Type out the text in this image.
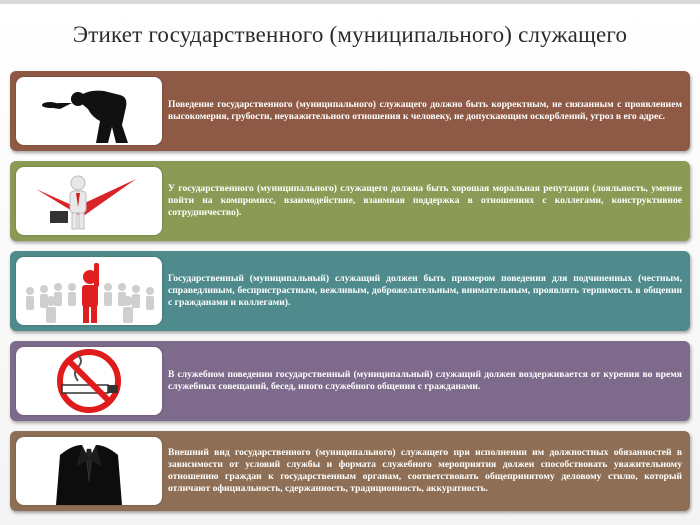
Этикет государственного (муниципального) служащего
Поведение государственного (муниципального) служащего должно быть корректным, не связанным с проявлением высокомерия, грубости, неуважительного отношения к человеку, не допускающим оскорблений, угроз в его адрес.
У государственного (муниципального) служащего должна быть хорошая моральная репутация (лояльность, умение пойти на компромисс, взаимодействие, взаимная поддержка в отношениях с коллегами, конструктивное сотрудничество).
Государственный (муниципальный) служащий должен быть примером поведения для подчиненных (честным, справедливым, беспристрастным, вежливым, доброжелательным, внимательным, проявлять терпимость в общении с гражданами и коллегами).
В служебном поведении государственный (муниципальный) служащий должен воздерживается от курения во время служебных совещаний, бесед, иного служебного общения с гражданами.
Внешний вид государственного (муниципального) служащего при исполнении им должностных обязанностей в зависимости от условий службы и формата служебного мероприятия должен способствовать уважительному отношению граждан к государственным органам, соответствовать общепринятому деловому стилю, который отличают официальность, сдержанность, традиционность, аккуратность.
